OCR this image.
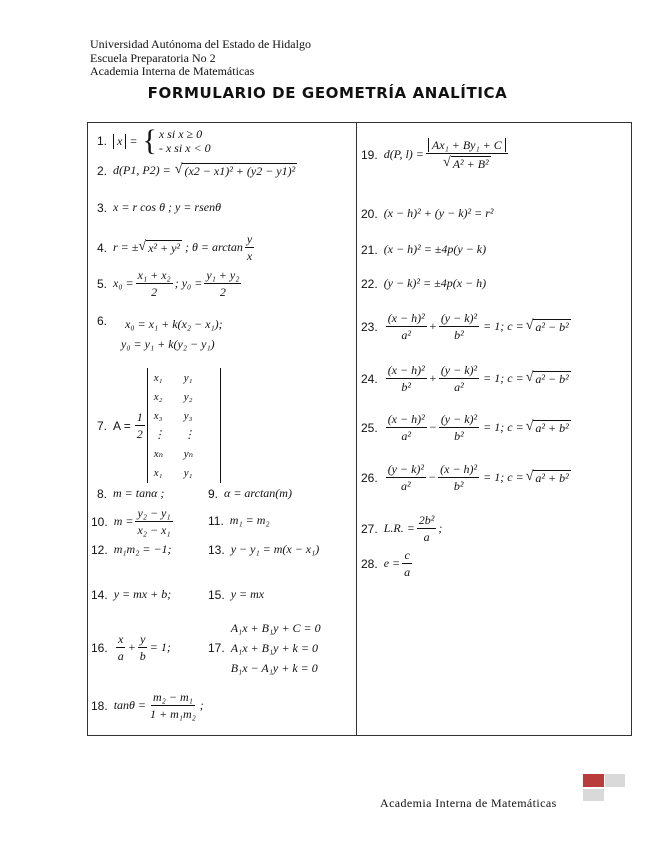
Universidad Autónoma del Estado de Hidalgo
Escuela Preparatoria No 2
Academia Interna de Matemáticas
FORMULARIO DE GEOMETRÍA ANALÍTICA
1. x = { x si x ≥ 0
- x si x < 0
2. d(P1, P2) = √ (x2 − x1)² + (y2 − y1)²
3. x = r cos θ ; y = rsenθ
4. r = ± √ x² + y² ; $\theta = \arctan \frac{y}{x}$
5. $x_0 = \frac{\text{x₁ + x₂}}{2}$ ; $y_0 = \frac{\text{y₁ + y₂}}{2}$
6. x₀ = x₁ + k(x₂ − x₁);
y₀ = y₁ + k(y₂ − y₁)
7. $A = \frac{1}{2}$
x₁	y₁
x₂	y₂
x₃	y₃
⋮	⋮
xₙ	yₙ
x₁	y₁
8. m = tanα ;	9. α = arctan(m)
10. $m = \frac{\text{y₂ − y₁}}{\text{x₂ − x₁}}$	11. m₁ = m₂
12. m₁m₂ = −1;	13. y − y₁ = m(x − x₁)
14. y = mx + b;	15. y = mx
16. $\frac{x}{a} + \frac{y}{b} = 1$;	17.
A₁x + B₁y + C = 0
A₁x + B₁y + k = 0
B₁x − A₁y + k = 0
18. $\tan\theta = \frac{\text{m₂ − m₁}}{\text{1 + m₁m₂}}$ ;
19. d(P, $l) = \frac{\text{Ax₁ + By₁ + C}}{\text{√ A² + B²}}$
20. (x − h)² + (y − k)² = r²
21. (x − h)² = ±4p(y − k)
22. (y − k)² = ±4p(x − h)
23. $\frac{\text{(x − h)²}}{\text{a²}} + \frac{\text{(y − k)²}}{\text{b²}} = 1$; c = √ a² − b²
24. $\frac{\text{(x − h)²}}{\text{b²}} + \frac{\text{(y − k)²}}{\text{a²}} = 1$; c = √ a² − b²
25. $\frac{\text{(x − h)²}}{\text{a²}} - \frac{\text{(y − k)²}}{\text{b²}} = 1$; c = √ a² + b²
26. $\frac{\text{(y − k)²}}{\text{a²}} - \frac{\text{(x − h)²}}{\text{b²}} = 1$; c = √ a² + b²
27. L.R. = $\frac{\text{2b²}}{a}$ ;
28. $e = \frac{c}{a}$
Academia Interna de Matemáticas
